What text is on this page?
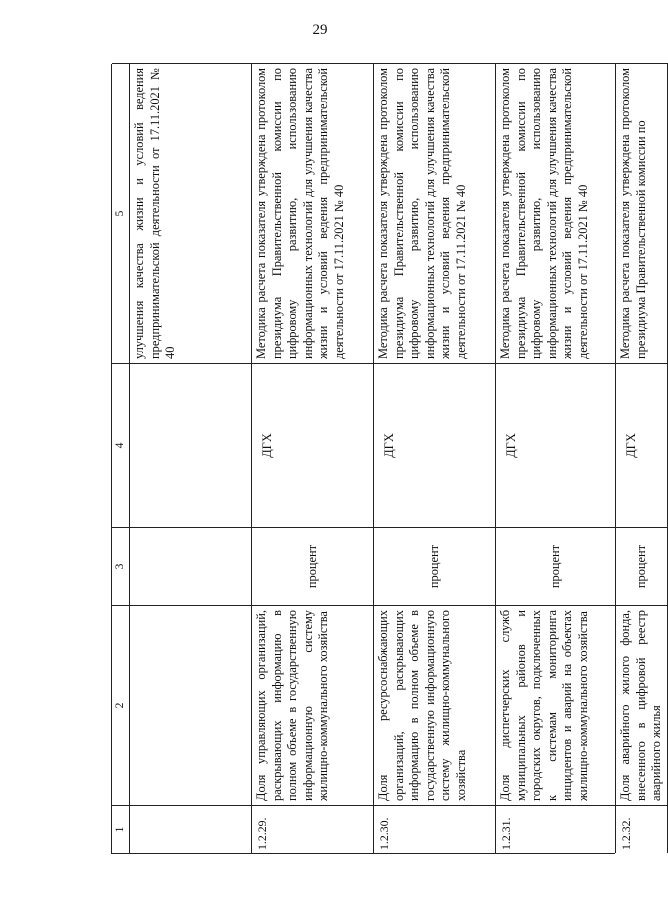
29
1
2
3
4
5 улучшения качества жизни и условий ведения предпринимательской деятельности от 17.11.2021 № 40
1.2.29.
Доля управляющих организаций, раскрывающих информацию в полном объеме в государственную информационную систему жилищно-коммунального хозяйства
процент
ДГХ
Методика расчета показателя утверждена протоколом президиума Правительственной комиссии по цифровому развитию, использованию информационных технологий для улучшения качества жизни и условий ведения предпринимательской деятельности от 17.11.2021 № 40
1.2.30.
Доля ресурсоснабжающих организаций, раскрывающих информацию в полном объеме в государственную информационную систему жилищно-коммунального хозяйства
процент
ДГХ
Методика расчета показателя утверждена протоколом президиума Правительственной комиссии по цифровому развитию, использованию информационных технологий для улучшения качества жизни и условий ведения предпринимательской деятельности от 17.11.2021 № 40
1.2.31.
Доля диспетчерских служб муниципальных районов и городских округов, подключенных к системам мониторинга инцидентов и аварий на объектах жилищно-коммунального хозяйства
процент
ДГХ
Методика расчета показателя утверждена протоколом президиума Правительственной комиссии по цифровому развитию, использованию информационных технологий для улучшения качества жизни и условий ведения предпринимательской деятельности от 17.11.2021 № 40
1.2.32.
Доля аварийного жилого фонда, внесенного в цифровой реестр аварийного жилья
процент
ДГХ
Методика расчета показателя утверждена протоколом президиума Правительственной комиссии по
